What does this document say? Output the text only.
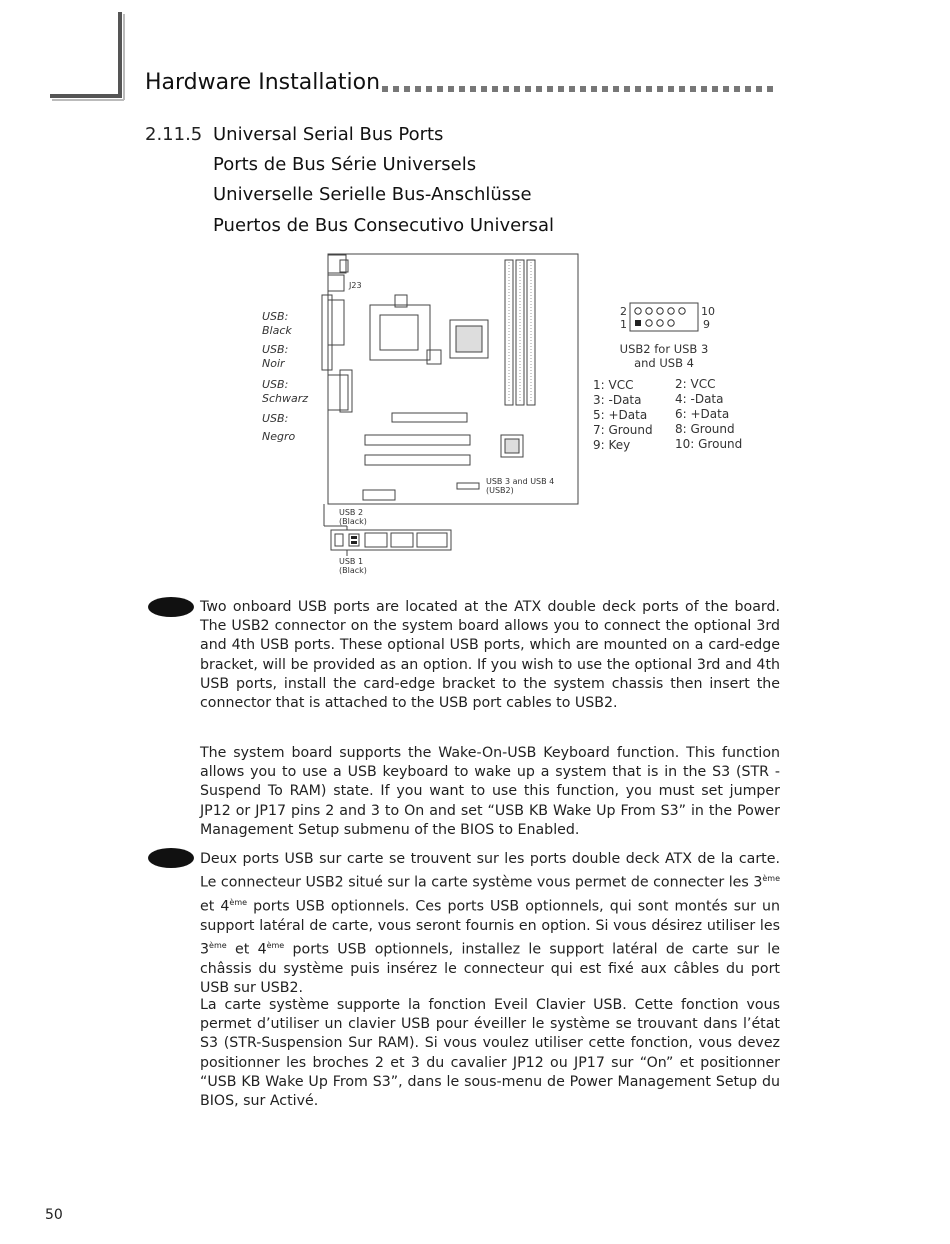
Hardware Installation
2.11.5 Universal Serial Bus Ports
Ports de Bus Série Universels
Universelle Serielle Bus-Anschlüsse
Puertos de Bus Consecutivo Universal
J23
USB 3 and USB 4
(USB2)
USB:
Black
USB:
Noir
USB:
Schwarz
USB:
Negro
USB 2
(Black)
USB 1
(Black)
2	10
1	9
USB2 for USB 3
and USB 4
1: VCC
3: -Data
5: +Data
7: Ground
9: Key
2: VCC
4: -Data
6: +Data
8: Ground
10: Ground

Two onboard USB ports are located at the ATX double deck ports of the board. The USB2 connector on the system board allows you to connect the optional 3rd and 4th USB ports. These optional USB ports, which are mounted on a card-edge bracket, will be provided as an option. If you wish to use the optional 3rd and 4th USB ports, install the card-edge bracket to the system chassis then insert the connector that is attached to the USB port cables to USB2.

The system board supports the Wake-On-USB Keyboard function. This function allows you to use a USB keyboard to wake up a system that is in the S3 (STR - Suspend To RAM) state. If you want to use this function, you must set jumper JP12 or JP17 pins 2 and 3 to On and set “USB KB Wake Up From S3” in the Power Management Setup submenu of the BIOS to Enabled.

Deux ports USB sur carte se trouvent sur les ports double deck ATX de la carte. Le connecteur USB2 situé sur la carte système vous permet de connecter les 3ème et 4ème ports USB optionnels. Ces ports USB optionnels, qui sont montés sur un support latéral de carte, vous seront fournis en option. Si vous désirez utiliser les 3ème et 4ème ports USB optionnels, installez le support latéral de carte sur le châssis du système puis insérez le connecteur qui est fixé aux câbles du port USB sur USB2.

La carte système supporte la fonction Eveil Clavier USB. Cette fonction vous permet d’utiliser un clavier USB pour éveiller le système se trouvant dans l’état S3 (STR-Suspension Sur RAM). Si vous voulez utiliser cette fonction, vous devez positionner les broches 2 et 3 du cavalier JP12 ou JP17 sur “On” et positionner “USB KB Wake Up From S3”, dans le sous-menu de Power Management Setup du BIOS, sur Activé.

50
